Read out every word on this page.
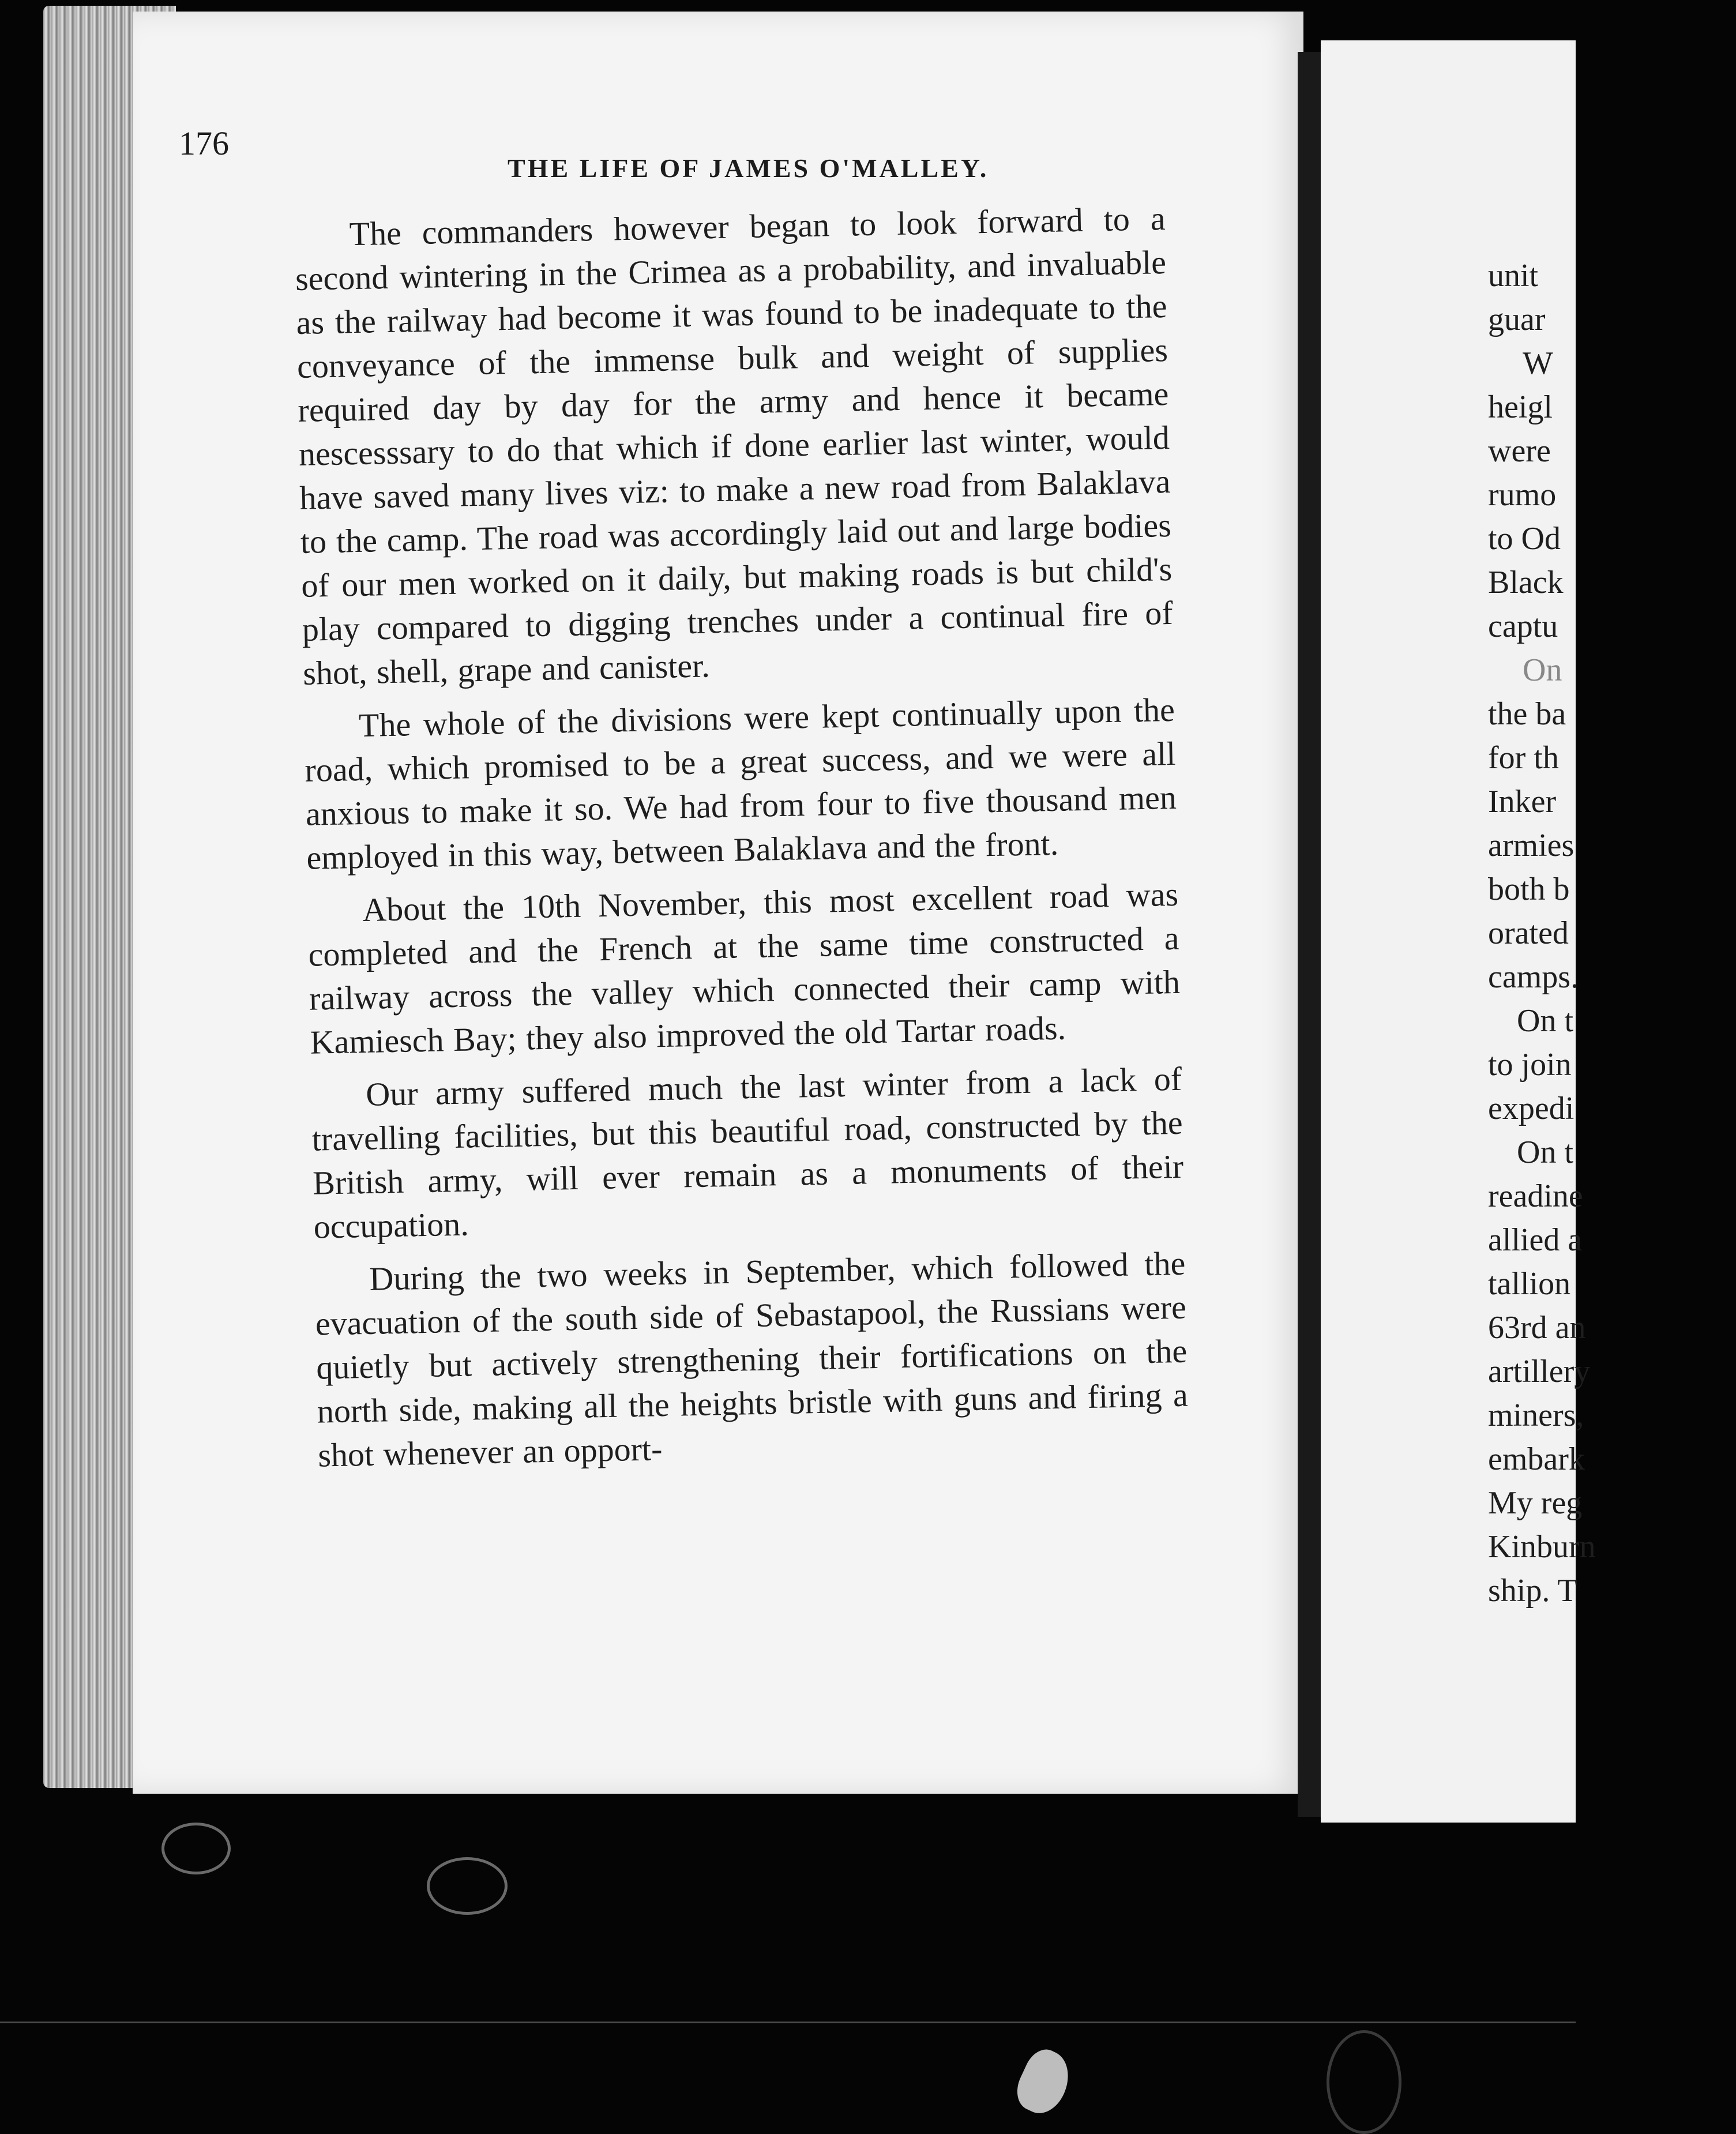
unit
guar
W
heigl
were
rumo
to Od
Black
captu
On
the ba
for th
Inker
armies
both b
orated
camps.
On t
to join
expedi
On t
readine
allied a
tallion
63rd an
artillery
miners,
embark
My reg
Kinburn
ship. T
176
THE LIFE OF JAMES O'MALLEY.

The commanders however began to look forward to a second wintering in the Crimea as a probability, and invaluable as the railway had become it was found to be inadequate to the conveyance of the immense bulk and weight of supplies required day by day for the army and hence it became nescesssary to do that which if done earlier last winter, would have saved many lives viz: to make a new road from Balaklava to the camp. The road was accordingly laid out and large bodies of our men worked on it daily, but making roads is but child's play compared to digging trenches under a continual fire of shot, shell, grape and canister.

The whole of the divisions were kept continually upon the road, which promised to be a great success, and we were all anxious to make it so. We had from four to five thousand men employed in this way, between Balaklava and the front.

About the 10th November, this most excellent road was completed and the French at the same time constructed a railway across the valley which connected their camp with Kamiesch Bay; they also improved the old Tartar roads.

Our army suffered much the last winter from a lack of travelling facilities, but this beautiful road, constructed by the British army, will ever remain as a monuments of their occupation.

During the two weeks in September, which followed the evacuation of the south side of Sebastapool, the Russians were quietly but actively strengthening their fortifications on the north side, making all the heights bristle with guns and firing a shot whenever an opport-
